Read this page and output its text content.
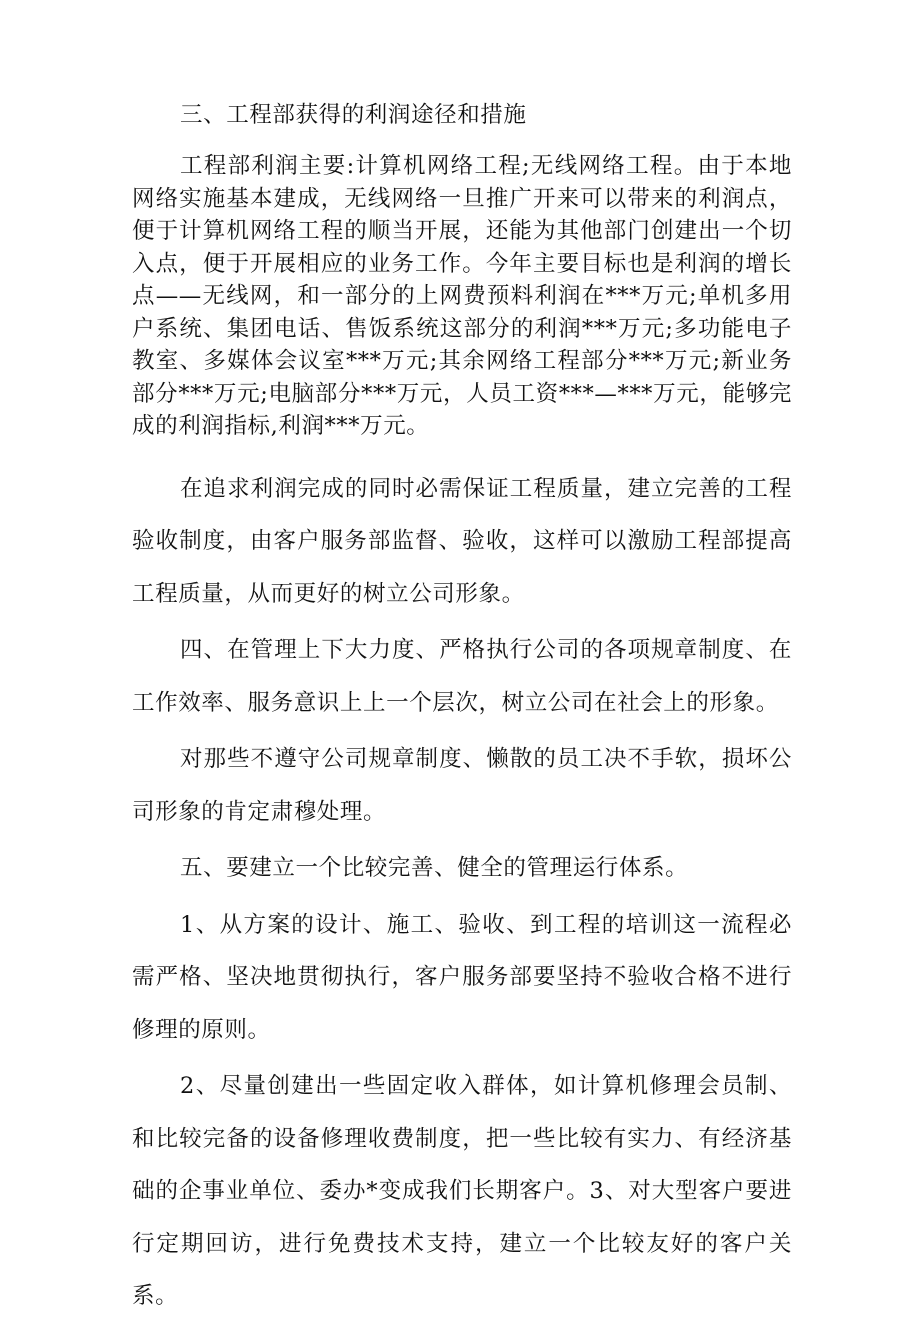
三、工程部获得的利润途径和措施

工程部利润主要:计算机网络工程;无线网络工程。由于本地网络实施基本建成，无线网络一旦推广开来可以带来的利润点，便于计算机网络工程的顺当开展，还能为其他部门创建出一个切入点，便于开展相应的业务工作。今年主要目标也是利润的增长点——无线网，和一部分的上网费预料利润在***万元;单机多用户系统、集团电话、售饭系统这部分的利润***万元;多功能电子教室、多媒体会议室***万元;其余网络工程部分***万元;新业务部分***万元;电脑部分***万元，人员工资***—***万元，能够完成的利润指标,利润***万元。

在追求利润完成的同时必需保证工程质量，建立完善的工程验收制度，由客户服务部监督、验收，这样可以激励工程部提高工程质量，从而更好的树立公司形象。

四、在管理上下大力度、严格执行公司的各项规章制度、在工作效率、服务意识上上一个层次，树立公司在社会上的形象。

对那些不遵守公司规章制度、懒散的员工决不手软，损坏公司形象的肯定肃穆处理。

五、要建立一个比较完善、健全的管理运行体系。

1、从方案的设计、施工、验收、到工程的培训这一流程必需严格、坚决地贯彻执行，客户服务部要坚持不验收合格不进行修理的原则。

2、尽量创建出一些固定收入群体，如计算机修理会员制、和比较完备的设备修理收费制度，把一些比较有实力、有经济基础的企事业单位、委办*变成我们长期客户。3、对大型客户要进行定期回访，进行免费技术支持，建立一个比较友好的客户关系。
